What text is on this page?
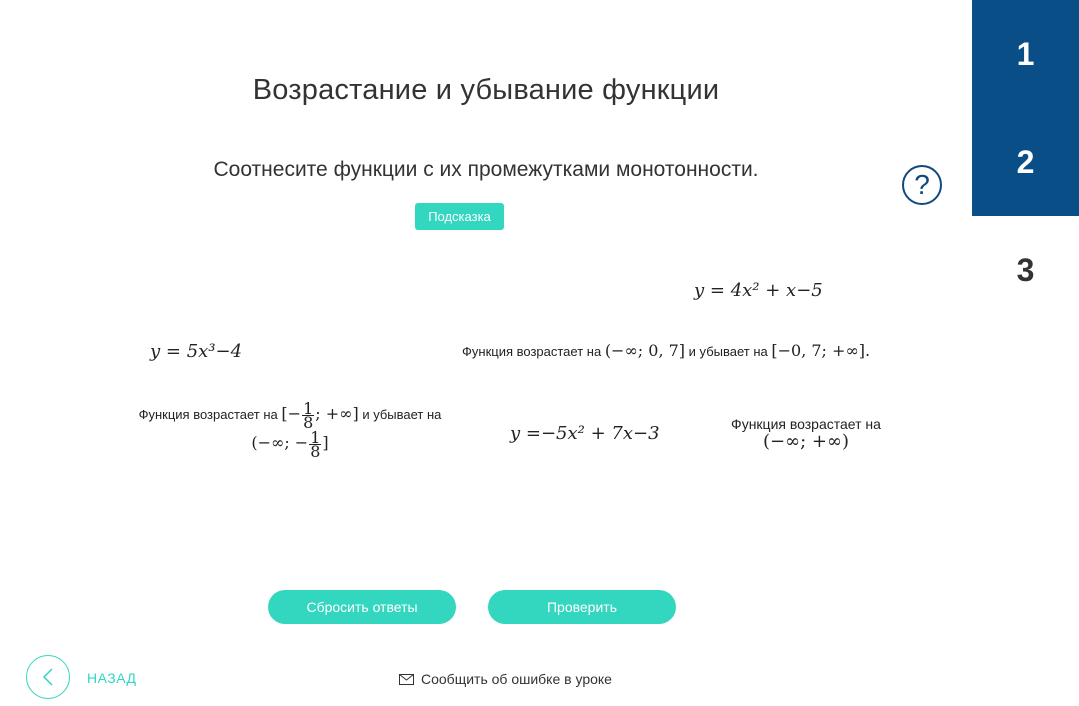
Возрастание и убывание функции
Соотнесите функции с их промежутками монотонности.
Подсказка
?
1
2
3
y = 4x² + x−5
y = 5x³−4
y =−5x² + 7x−3
Функция возрастает на (−∞; 0, 7] и убывает на [−0, 7; +∞].
Функция возрастает на [− $\frac{1}{8}$ ; +∞] и убывает на
(−∞; − $\frac{1}{8}$ ]
Функция возрастает на
(−∞; +∞)
Сбросить ответы	Проверить
НАЗАД	Сообщить об ошибке в уроке
